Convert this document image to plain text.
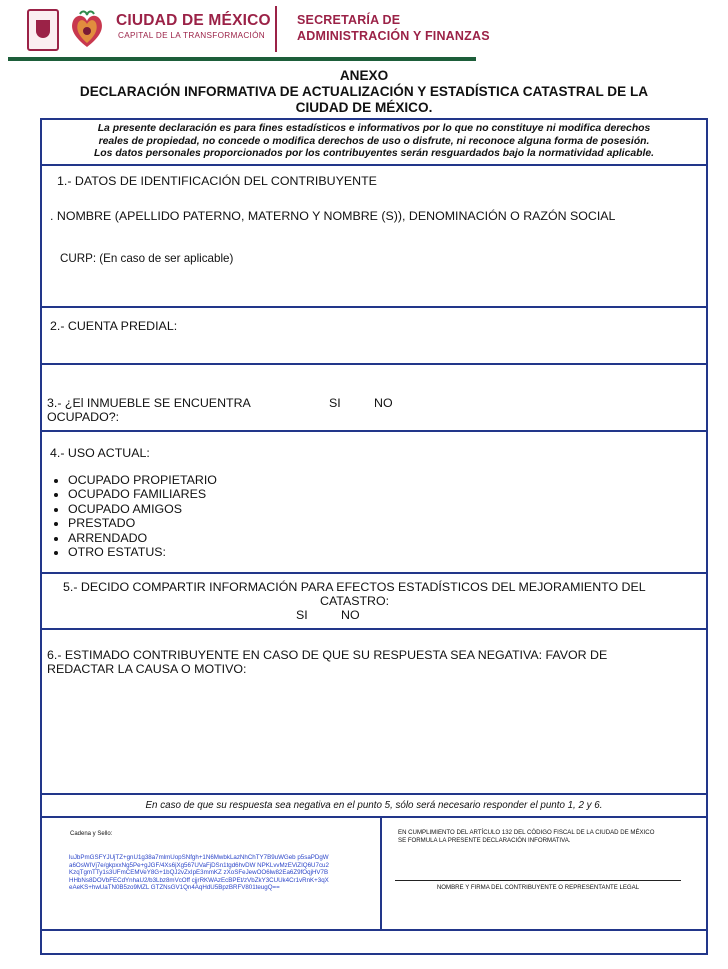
CIUDAD DE MÉXICO
CAPITAL DE LA TRANSFORMACIÓN
SECRETARÍA DE
ADMINISTRACIÓN Y FINANZAS
ANEXO
DECLARACIÓN INFORMATIVA DE ACTUALIZACIÓN Y ESTADÍSTICA CATASTRAL DE LA
CIUDAD DE MÉXICO.
La presente declaración es para fines estadísticos e informativos por lo que no constituye ni modifica derechos
reales de propiedad, no concede o modifica derechos de uso o disfrute, ni reconoce alguna forma de posesión.
Los datos personales proporcionados por los contribuyentes serán resguardados bajo la normatividad aplicable.
1.- DATOS DE IDENTIFICACIÓN DEL CONTRIBUYENTE
. NOMBRE (APELLIDO PATERNO, MATERNO Y NOMBRE (S)), DENOMINACIÓN O RAZÓN SOCIAL
CURP: (En caso de ser aplicable)
2.- CUENTA PREDIAL:
3.- ¿El INMUEBLE SE ENCUENTRA
OCUPADO?:
SI	NO
4.- USO ACTUAL:
• OCUPADO PROPIETARIO
• OCUPADO FAMILIARES
• OCUPADO AMIGOS
• PRESTADO
• ARRENDADO
• OTRO ESTATUS:
5.- DECIDO COMPARTIR INFORMACIÓN PARA EFECTOS ESTADÍSTICOS DEL MEJORAMIENTO DEL
CATASTRO:
SI	NO
6.- ESTIMADO CONTRIBUYENTE EN CASO DE QUE SU RESPUESTA SEA NEGATIVA: FAVOR DE
REDACTAR LA CAUSA O MOTIVO:
En caso de que su respuesta sea negativa en el punto 5, sólo será necesario responder el punto 1, 2 y 6.
Cadena y Sello:
luJbPmGSFYJUjTZ+gnU1g38a7mlmUopSNfgh+1N6MwbkLazNhChTY7B9uWGeb p5saPDgWa6OsWIVj7e/gkpxxNg5Pe+gJGF/4Xs6jXg567UVaFjDSn1tgd6hvDW NPKLvvMzEViZIQ6U7cu2KzqTgmTTy1s3UFmCEMVeY8G+1bQJ2vZxIpE3mmKZ zXoSFeJewOO6lw82Ea6Z9fOqjHV7BHHbNs8DOVbFECdYnhaU2/b3Lbz8mVcOff cjjrRKWAzEcBPEt/zVbZkY3CUUk4Cr1vRnK+3qXeAeKS+hwUaTN0B5zo9MZL GTZNsGV1Qn4AqHdU5BpzBRFV801teugQ==
EN CUMPLIMIENTO DEL ARTÍCULO 132 DEL CÓDIGO FISCAL DE LA CIUDAD DE MÉXICO SE FORMULA LA PRESENTE DECLARACIÓN INFORMATIVA.
NOMBRE Y FIRMA DEL CONTRIBUYENTE O REPRESENTANTE LEGAL
